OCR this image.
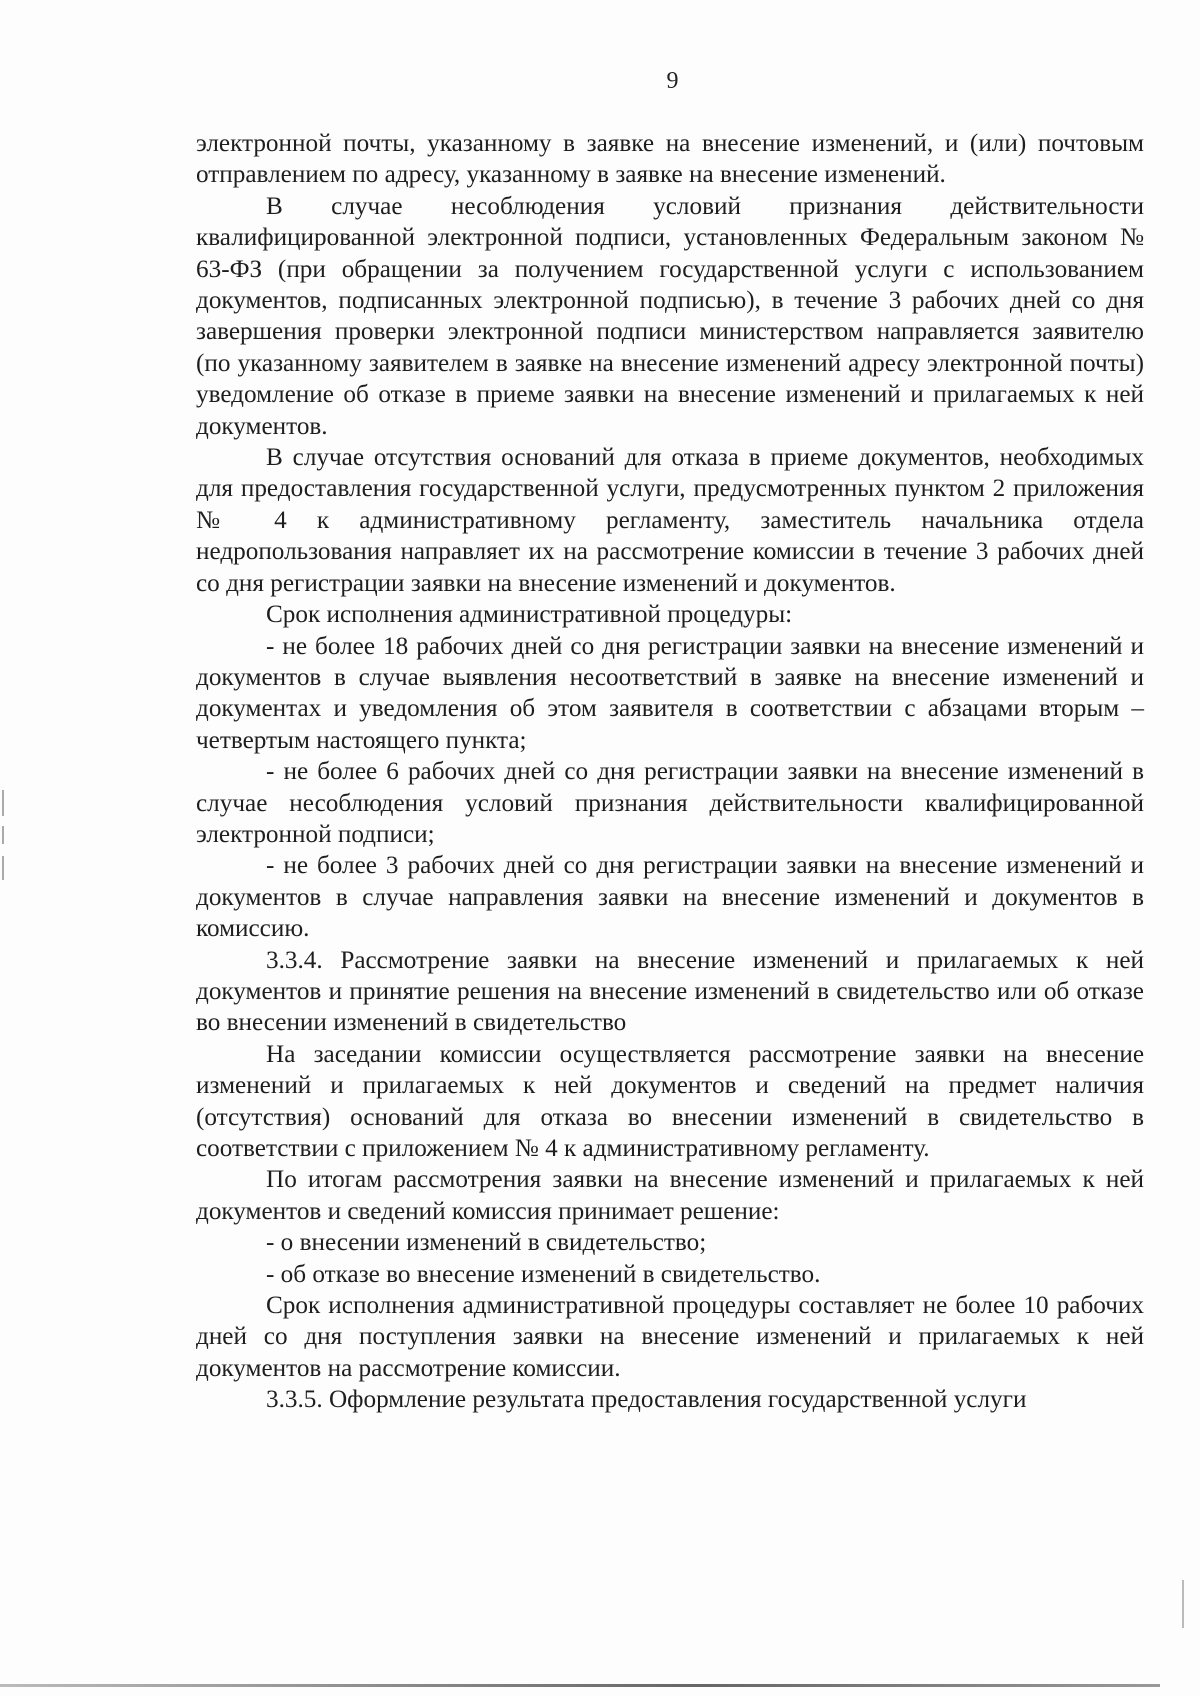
9

электронной почты, указанному в заявке на внесение изменений, и (или) почтовым отправлением по адресу, указанному в заявке на внесение изменений.

В случае несоблюдения условий признания действительности квалифицированной электронной подписи, установленных Федеральным законом № 63-ФЗ (при обращении за получением государственной услуги с использованием документов, подписанных электронной подписью), в течение 3 рабочих дней со дня завершения проверки электронной подписи министерством направляется заявителю (по указанному заявителем в заявке на внесение изменений адресу электронной почты) уведомление об отказе в приеме заявки на внесение изменений и прилагаемых к ней документов.

В случае отсутствия оснований для отказа в приеме документов, необходимых для предоставления государственной услуги, предусмотренных пунктом 2 приложения № 4 к административному регламенту, заместитель начальника отдела недропользования направляет их на рассмотрение комиссии в течение 3 рабочих дней со дня регистрации заявки на внесение изменений и документов.

Срок исполнения административной процедуры:

- не более 18 рабочих дней со дня регистрации заявки на внесение изменений и документов в случае выявления несоответствий в заявке на внесение изменений и документах и уведомления об этом заявителя в соответствии с абзацами вторым – четвертым настоящего пункта;

- не более 6 рабочих дней со дня регистрации заявки на внесение изменений в случае несоблюдения условий признания действительности квалифицированной электронной подписи;

- не более 3 рабочих дней со дня регистрации заявки на внесение изменений и документов в случае направления заявки на внесение изменений и документов в комиссию.

3.3.4. Рассмотрение заявки на внесение изменений и прилагаемых к ней документов и принятие решения на внесение изменений в свидетельство или об отказе во внесении изменений в свидетельство

На заседании комиссии осуществляется рассмотрение заявки на внесение изменений и прилагаемых к ней документов и сведений на предмет наличия (отсутствия) оснований для отказа во внесении изменений в свидетельство в соответствии с приложением № 4 к административному регламенту.

По итогам рассмотрения заявки на внесение изменений и прилагаемых к ней документов и сведений комиссия принимает решение:

- о внесении изменений в свидетельство;

- об отказе во внесение изменений в свидетельство.

Срок исполнения административной процедуры составляет не более 10 рабочих дней со дня поступления заявки на внесение изменений и прилагаемых к ней документов на рассмотрение комиссии.

3.3.5. Оформление результата предоставления государственной услуги
